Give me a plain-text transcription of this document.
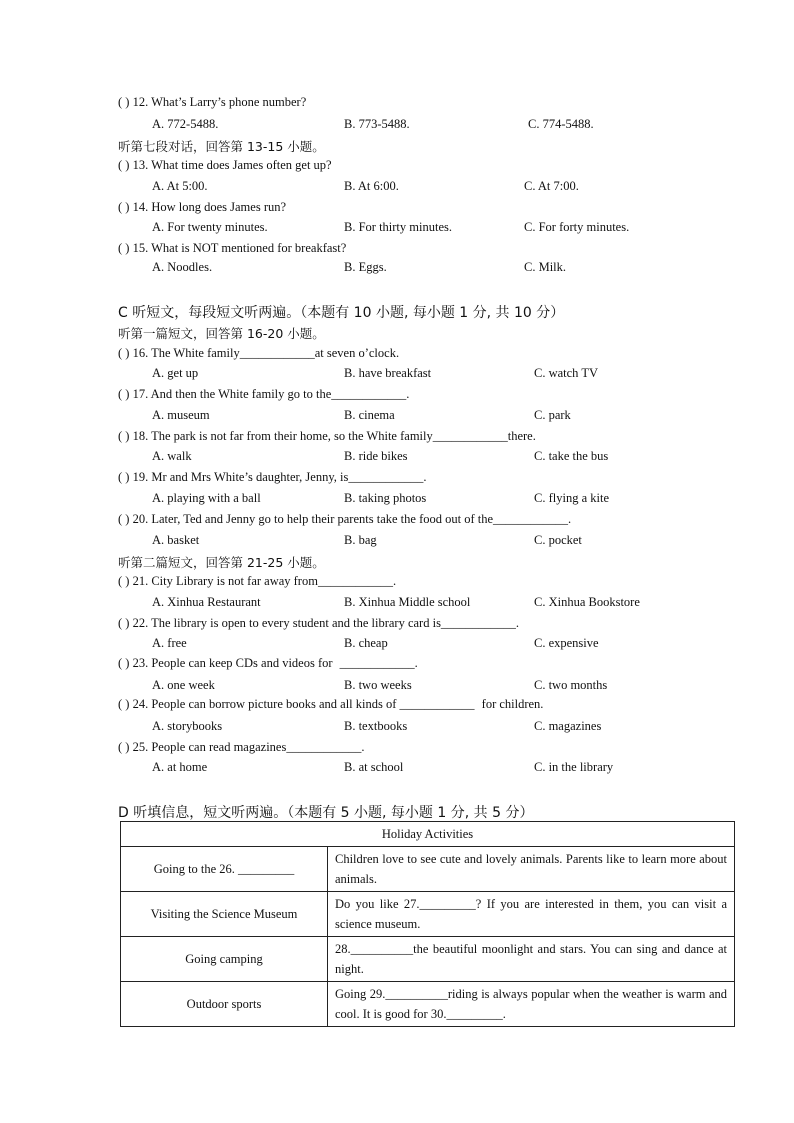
( ) 12. What’s Larry’s phone number?
A. 772-5488.	B. 773-5488.	C. 774-5488.
听第七段对话，回答第 13-15 小题。
( ) 13. What time does James often get up?
A. At 5:00.	B. At 6:00.	C. At 7:00.
( ) 14. How long does James run?
A. For twenty minutes.	B. For thirty minutes.	C. For forty minutes.
( ) 15. What is NOT mentioned for breakfast?
A. Noodles.	B. Eggs.	C. Milk.
C 听短文，每段短文听两遍。（本题有 10 小题, 每小题 1 分, 共 10 分）
听第一篇短文，回答第 16-20 小题。
( ) 16. The White family____________at seven o’clock.
A. get up	B. have breakfast	C. watch TV
( ) 17. And then the White family go to the____________.
A. museum	B. cinema	C. park
( ) 18. The park is not far from their home, so the White family____________there.
A. walk	B. ride bikes	C. take the bus
( ) 19. Mr and Mrs White’s daughter, Jenny, is____________.
A. playing with a ball	B. taking photos	C. flying a kite
( ) 20. Later, Ted and Jenny go to help their parents take the food out of the____________.
A. basket	B. bag	C. pocket
听第二篇短文，回答第 21-25 小题。
( ) 21. City Library is not far away from____________.
A. Xinhua Restaurant	B. Xinhua Middle school	C. Xinhua Bookstore
( ) 22. The library is open to every student and the library card is____________.
A. free	B. cheap	C. expensive
( ) 23. People can keep CDs and videos for ____________.
A. one week	B. two weeks	C. two months
( ) 24. People can borrow picture books and all kinds of ____________ for children.
A. storybooks	B. textbooks	C. magazines
( ) 25. People can read magazines____________.
A. at home	B. at school	C. in the library
D 听填信息，短文听两遍。（本题有 5 小题, 每小题 1 分, 共 5 分）
Holiday Activities	
Going to the 26. _________	Children love to see cute and lovely animals. Parents like to learn more about animals.
Visiting the Science Museum	Do you like 27._________? If you are interested in them, you can visit a science museum.
Going camping	28.__________the beautiful moonlight and stars. You can sing and dance at night.
Outdoor sports	Going 29.__________riding is always popular when the weather is warm and cool. It is good for 30._________.
